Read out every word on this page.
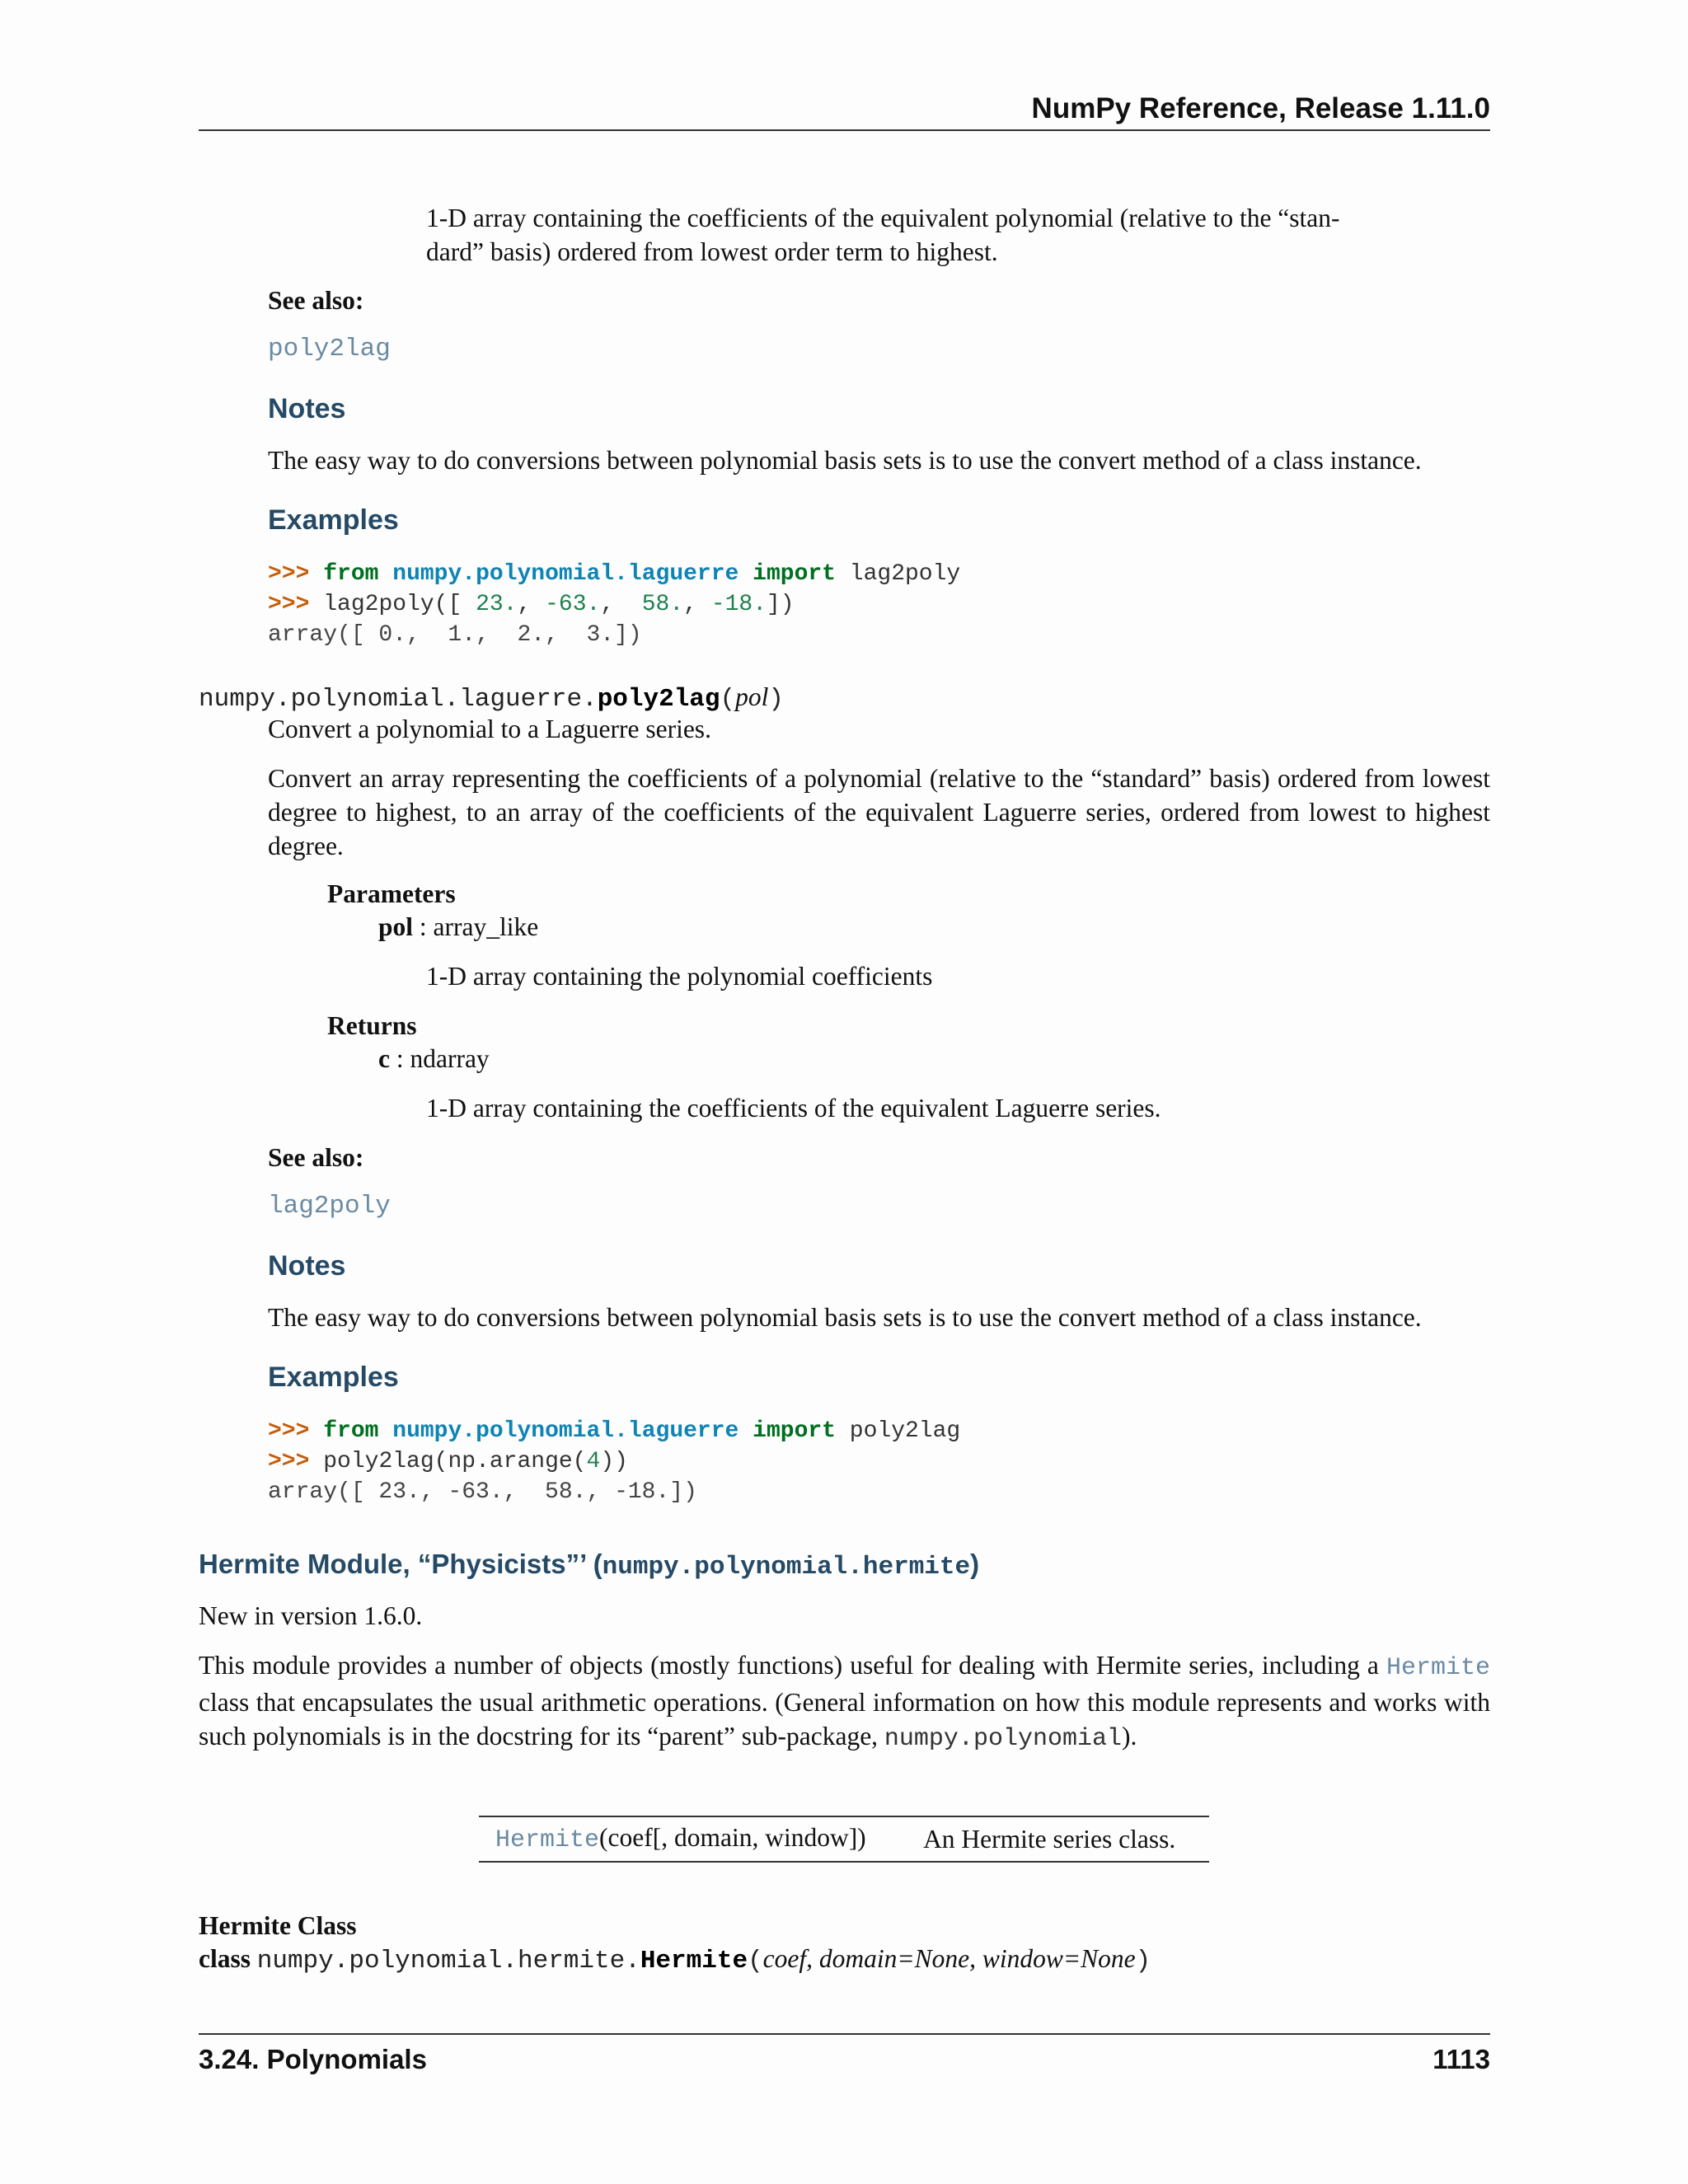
NumPy Reference, Release 1.11.0
1-D array containing the coefficients of the equivalent polynomial (relative to the “stan-
dard” basis) ordered from lowest order term to highest.
See also:
poly2lag
Notes
The easy way to do conversions between polynomial basis sets is to use the convert method of a class instance.
Examples
>>> from numpy.polynomial.laguerre import lag2poly
>>> lag2poly([ 23., -63.,  58., -18.])
array([ 0.,  1.,  2.,  3.])
numpy.polynomial.laguerre.poly2lag(pol)
Convert a polynomial to a Laguerre series.
Convert an array representing the coefficients of a polynomial (relative to the “standard” basis) ordered from lowest degree to highest, to an array of the coefficients of the equivalent Laguerre series, ordered from lowest to highest degree.
Parameters
pol : array_like
1-D array containing the polynomial coefficients
Returns
c : ndarray
1-D array containing the coefficients of the equivalent Laguerre series.
See also:
lag2poly
Notes
The easy way to do conversions between polynomial basis sets is to use the convert method of a class instance.
Examples
>>> from numpy.polynomial.laguerre import poly2lag
>>> poly2lag(np.arange(4))
array([ 23., -63.,  58., -18.])
Hermite Module, “Physicists”’ (numpy.polynomial.hermite)
New in version 1.6.0.
This module provides a number of objects (mostly functions) useful for dealing with Hermite series, including a Hermite class that encapsulates the usual arithmetic operations. (General information on how this module represents and works with such polynomials is in the docstring for its “parent” sub-package, numpy.polynomial).
Hermite(coef[, domain, window])	An Hermite series class.
Hermite Class
class numpy.polynomial.hermite.Hermite(coef, domain=None, window=None)
3.24. Polynomials	1113
